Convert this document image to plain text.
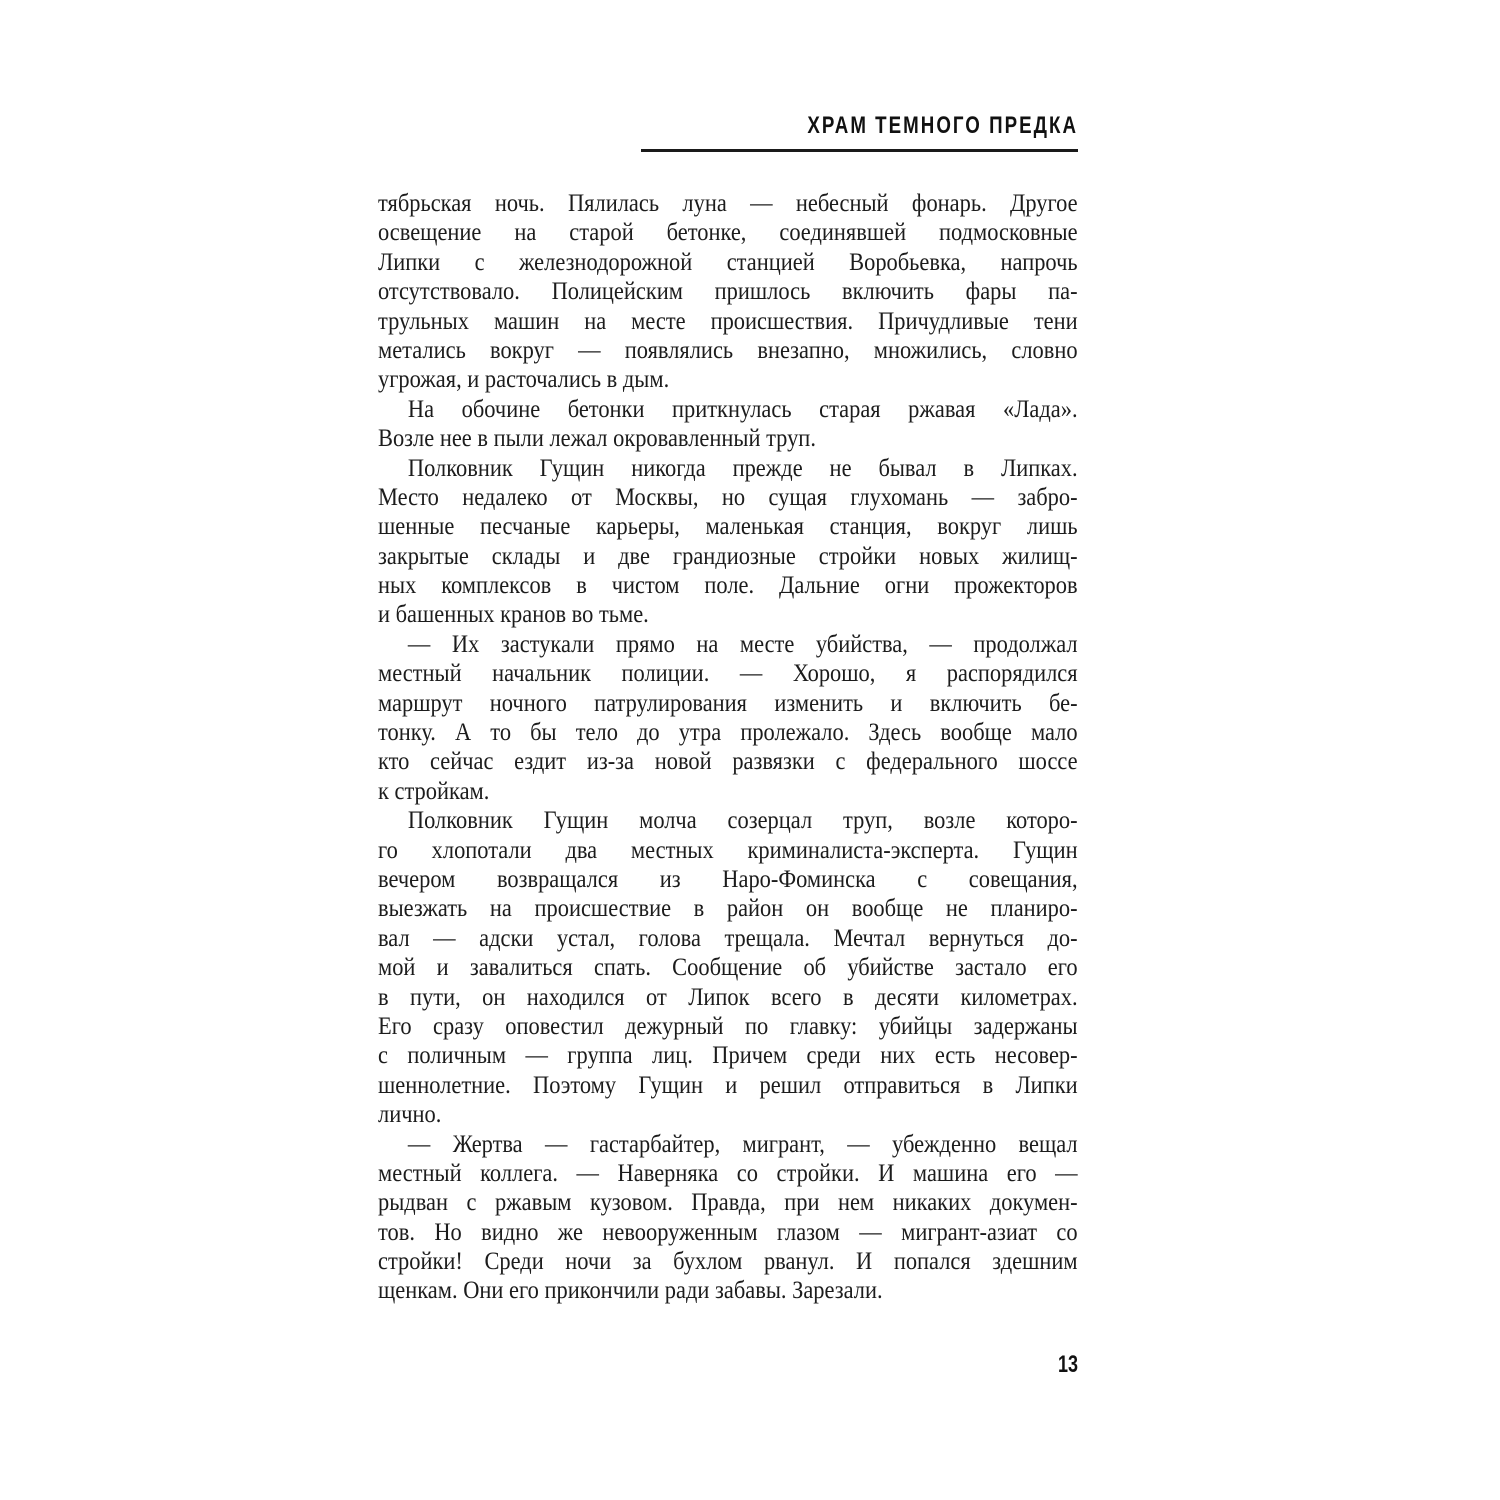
ХРАМ ТЕМНОГО ПРЕДКА
тябрьская ночь. Пялилась луна — небесный фонарь. Другое
освещение на старой бетонке, соединявшей подмосковные
Липки с железнодорожной станцией Воробьевка, напрочь
отсутствовало. Полицейским пришлось включить фары па-
трульных машин на месте происшествия. Причудливые тени
метались вокруг — появлялись внезапно, множились, словно
угрожая, и расточались в дым.
На обочине бетонки приткнулась старая ржавая «Лада».
Возле нее в пыли лежал окровавленный труп.
Полковник Гущин никогда прежде не бывал в Липках.
Место недалеко от Москвы, но сущая глухомань — забро-
шенные песчаные карьеры, маленькая станция, вокруг лишь
закрытые склады и две грандиозные стройки новых жилищ-
ных комплексов в чистом поле. Дальние огни прожекторов
и башенных кранов во тьме.
— Их застукали прямо на месте убийства, — продолжал
местный начальник полиции. — Хорошо, я распорядился
маршрут ночного патрулирования изменить и включить бе-
тонку. А то бы тело до утра пролежало. Здесь вообще мало
кто сейчас ездит из-за новой развязки с федерального шоссе
к стройкам.
Полковник Гущин молча созерцал труп, возле которо-
го хлопотали два местных криминалиста-эксперта. Гущин
вечером возвращался из Наро-Фоминска с совещания,
выезжать на происшествие в район он вообще не планиро-
вал — адски устал, голова трещала. Мечтал вернуться до-
мой и завалиться спать. Сообщение об убийстве застало его
в пути, он находился от Липок всего в десяти километрах.
Его сразу оповестил дежурный по главку: убийцы задержаны
с поличным — группа лиц. Причем среди них есть несовер-
шеннолетние. Поэтому Гущин и решил отправиться в Липки
лично.
— Жертва — гастарбайтер, мигрант, — убежденно вещал
местный коллега. — Наверняка со стройки. И машина его —
рыдван с ржавым кузовом. Правда, при нем никаких докумен-
тов. Но видно же невооруженным глазом — мигрант-азиат со
стройки! Среди ночи за бухлом рванул. И попался здешним
щенкам. Они его прикончили ради забавы. Зарезали.
13
